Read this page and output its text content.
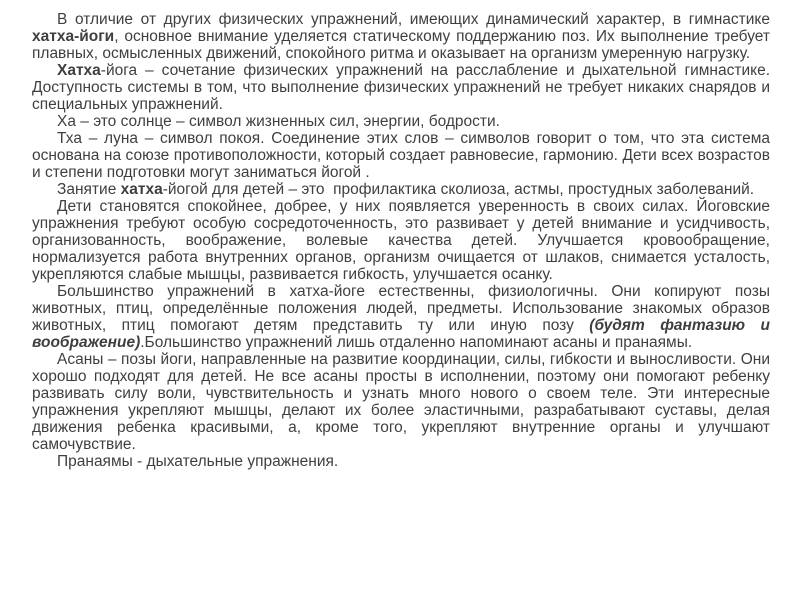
В отличие от других физических упражнений, имеющих динамический характер, в гимнастике хатха-йоги, основное внимание уделяется статическому поддержанию поз. Их выполнение требует плавных, осмысленных движений, спокойного ритма и оказывает на организм умеренную нагрузку.

Хатха-йога – сочетание физических упражнений на расслабление и дыхательной гимнастике. Доступность системы в том, что выполнение физических упражнений не требует никаких снарядов и специальных упражнений.

Ха – это солнце – символ жизненных сил, энергии, бодрости.

Тха – луна – символ покоя. Соединение этих слов – символов говорит о том, что эта система основана на союзе противоположности, который создает равновесие, гармонию. Дети всех возрастов и степени подготовки могут заниматься йогой .

Занятие хатха-йогой для детей – это  профилактика сколиоза, астмы, простудных заболеваний.

Дети становятся спокойнее, добрее, у них появляется уверенность в своих силах. Йоговские упражнения требуют особую сосредоточенность, это развивает у детей внимание и усидчивость, организованность, воображение, волевые качества детей. Улучшается кровообращение, нормализуется работа внутренних органов, организм очищается от шлаков, снимается усталость, укрепляются слабые мышцы, развивается гибкость, улучшается осанку.

Большинство упражнений в хатха-йоге естественны, физиологичны. Они копируют позы животных, птиц, определённые положения людей, предметы. Использование знакомых образов животных, птиц помогают детям представить ту или иную позу (будят фантазию и воображение).Большинство упражнений лишь отдаленно напоминают асаны и пранаямы.

Асаны – позы йоги, направленные на развитие координации, силы, гибкости и выносливости. Они хорошо подходят для детей. Не все асаны просты в исполнении, поэтому они помогают ребенку развивать силу воли, чувствительность и узнать много нового о своем теле. Эти интересные упражнения укрепляют мышцы, делают их более эластичными, разрабатывают суставы, делая движения ребенка красивыми, а, кроме того, укрепляют внутренние органы и улучшают самочувствие.

Пранаямы - дыхательные упражнения.
